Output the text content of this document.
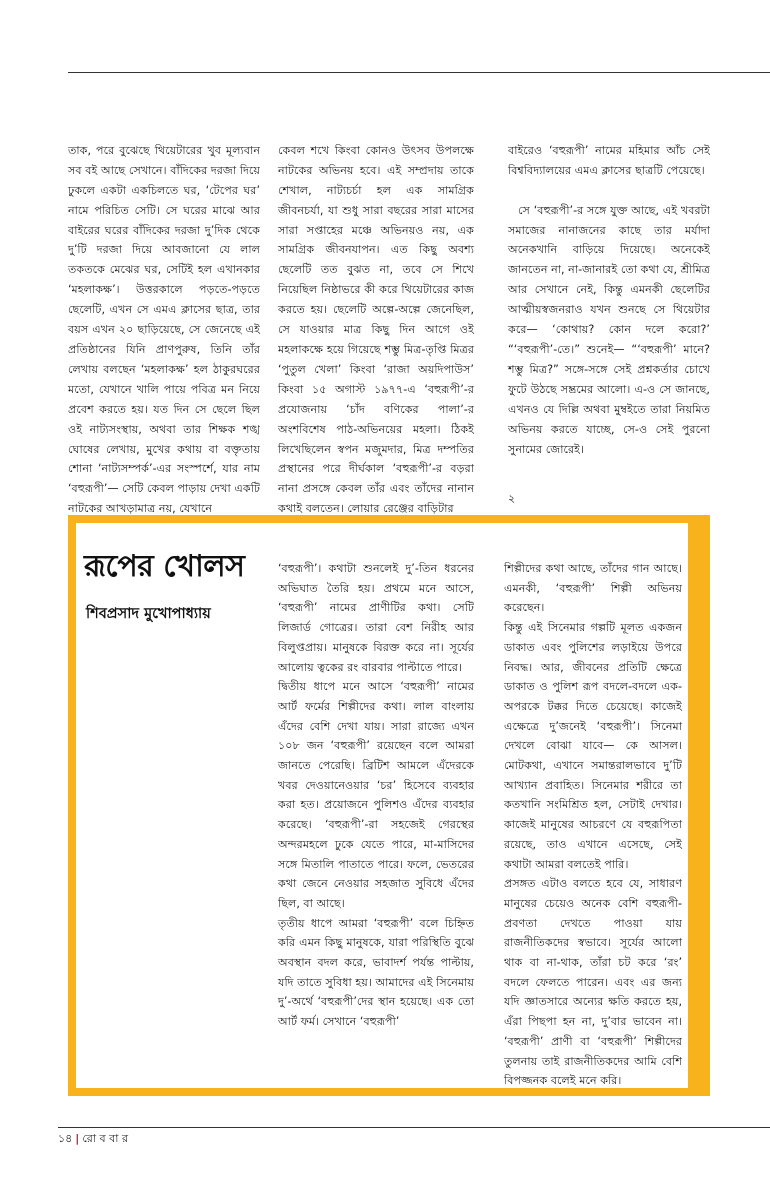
তাক, পরে বুঝেছে থিয়েটারের খুব মূল্যবান সব বই আছে সেখানে। বাঁদিকের দরজা দিয়ে ঢুকলে একটা একচিলতে ঘর, ‘টেপের ঘর’ নামে পরিচিত সেটি। সে ঘরের মাঝে আর বাইরের ঘরের বাঁদিকের দরজা দু’দিক থেকে দু’টি দরজা দিয়ে আবজানো যে লাল তকতকে মেঝের ঘর, সেটিই হল এখানকার ‘মহলাকক্ষ’। উত্তরকালে পড়তে-পড়তে ছেলেটি, এখন সে এমএ ক্লাসের ছাত্র, তার বয়স এখন ২০ ছাড়িয়েছে, সে জেনেছে এই প্রতিষ্ঠানের যিনি প্রাণপুরুষ, তিনি তাঁর লেখায় বলছেন ‘মহলাকক্ষ’ হল ঠাকুরঘরের মতো, যেখানে খালি পায়ে পবিত্র মন নিয়ে প্রবেশ করতে হয়। যত দিন সে ছেলে ছিল ওই নাট্যসংস্থায়, অথবা তার শিক্ষক শঙ্খ ঘোষের লেখায়, মুখের কথায় বা বক্তৃতায় শোনা ‘নাট্যসম্পর্ক’-এর সংস্পর্শে, যার নাম ‘বহুরূপী’— সেটি কেবল পাড়ায় দেখা একটি নাটকের আখড়ামাত্র নয়, যেখানে

কেবল শখে কিংবা কোনও উৎসব উপলক্ষে নাটকের অভিনয় হবে। এই সম্প্রদায় তাকে শেখাল, নাট্যচর্চা হল এক সামগ্রিক জীবনচর্যা, যা শুধু সারা বছরের সারা মাসের সারা সপ্তাহের মঞ্চে অভিনয়ও নয়, এক সামগ্রিক জীবনযাপন। এত কিছু অবশ্য ছেলেটি তত বুঝত না, তবে সে শিখে নিয়েছিল নিষ্ঠাভরে কী করে থিয়েটারের কাজ করতে হয়। ছেলেটি অল্পে-অল্পে জেনেছিল, সে যাওয়ার মাত্র কিছু দিন আগে ওই মহলাকক্ষে হয়ে গিয়েছে শম্ভু মিত্র-তৃপ্তি মিত্রর ‘পুতুল খেলা’ কিংবা ‘রাজা অয়দিপাউস’ কিংবা ১৫ অগাস্ট ১৯৭৭-এ ‘বহুরূপী’-র প্রযোজনায় ‘চাঁদ বণিকের পালা’-র অংশবিশেষ পাঠ-অভিনয়ের মহলা। ঠিকই লিখেছিলেন স্বপন মজুমদার, মিত্র দম্পতির প্রস্থানের পরে দীর্ঘকাল ‘বহুরূপী’-র বড়রা নানা প্রসঙ্গে কেবল তাঁর এবং তাঁদের নানান কথাই বলতেন। লোয়ার রেঞ্জের বাড়িটার

বাইরেও ‘বহুরূপী’ নামের মহিমার আঁচ সেই বিশ্ববিদ্যালয়ের এমএ ক্লাসের ছাত্রটি পেয়েছে।

সে ‘বহুরূপী’-র সঙ্গে যুক্ত আছে, এই খবরটা সমাজের নানাজনের কাছে তার মর্যাদা অনেকখানি বাড়িয়ে দিয়েছে। অনেকেই জানতেন না, না-জানারই তো কথা যে, শ্রীমিত্র আর সেখানে নেই, কিন্তু এমনকী ছেলেটির আত্মীয়স্বজনরাও যখন শুনছে সে থিয়েটার করে— ‘কোথায়? কোন দলে করো?’ “‘বহুরূপী’-তে।” শুনেই— “‘বহুরূপী’ মানে? শম্ভু মিত্র?” সঙ্গে-সঙ্গে সেই প্রশ্নকর্তার চোখে ফুটে উঠছে সম্ভ্রমের আলো। এ-ও সে জানছে, এখনও যে দিল্লি অথবা মুম্বইতে তারা নিয়মিত অভিনয় করতে যাচ্ছে, সে-ও সেই পুরনো সুনামের জোরেই।

২

রূপের খোলস
শিবপ্রসাদ মুখোপাধ্যায়
‘বহুরূপী’। কথাটা শুনলেই দু’-তিন ধরনের অভিঘাত তৈরি হয়। প্রথমে মনে আসে, ‘বহুরূপী’ নামের প্রাণীটির কথা। সেটি লিজার্ড গোত্রের। তারা বেশ নিরীহ আর বিলুপ্তপ্রায়। মানুষকে বিরক্ত করে না। সূর্যের আলোয় ত্বকের রং বারবার পাল্টাতে পারে।
দ্বিতীয় ধাপে মনে আসে ‘বহুরূপী’ নামের আর্ট ফর্মের শিল্পীদের কথা। লাল বাংলায় এঁদের বেশি দেখা যায়। সারা রাজ্যে এখন ১০৮ জন ‘বহুরূপী’ রয়েছেন বলে আমরা জানতে পেরেছি। ব্রিটিশ আমলে এঁদেরকে খবর দেওয়ানেওয়ার ‘চর’ হিসেবে ব্যবহার করা হত। প্রয়োজনে পুলিশও এঁদের ব্যবহার করেছে। ‘বহুরূপী’-রা সহজেই গেরস্থের অন্দরমহলে ঢুকে যেতে পারে, মা-মাসিদের সঙ্গে মিতালি পাতাতে পারে। ফলে, ভেতরের কথা জেনে নেওয়ার সহজাত সুবিধে এঁদের ছিল, বা আছে।
তৃতীয় ধাপে আমরা ‘বহুরূপী’ বলে চিহ্নিত করি এমন কিছু মানুষকে, যারা পরিস্থিতি বুঝে অবস্থান বদল করে, ভাবাদর্শ পর্যন্ত পাল্টায়, যদি তাতে সুবিধা হয়। আমাদের এই সিনেমায় দু’-অর্থে ‘বহুরূপী’দের স্থান হয়েছে। এক তো আর্ট ফর্ম। সেখানে ‘বহুরূপী’
শিল্পীদের কথা আছে, তাঁদের গান আছে। এমনকী, ‘বহুরূপী’ শিল্পী অভিনয় করেছেন।
কিন্তু এই সিনেমার গল্পটি মূলত একজন ডাকাত এবং পুলিশের লড়াইয়ে উপরে নিবদ্ধ। আর, জীবনের প্রতিটি ক্ষেত্রে ডাকাত ও পুলিশ রূপ বদলে-বদলে এক-অপরকে টক্কর দিতে চেয়েছে। কাজেই এক্ষেত্রে দু’জনেই ‘বহুরূপী’। সিনেমা দেখলে বোঝা যাবে— কে আসল। মোটকথা, এখানে সমান্তরালভাবে দু’টি আখ্যান প্রবাহিত। সিনেমার শরীরে তা কতখানি সংমিশ্রিত হল, সেটাই দেখার। কাজেই মানুষের আচরণে যে বহুরূপিতা রয়েছে, তাও এখানে এসেছে, সেই কথাটা আমরা বলতেই পারি।
প্রসঙ্গত এটাও বলতে হবে যে, সাধারণ মানুষের চেয়েও অনেক বেশি বহুরূপী-প্রবণতা দেখতে পাওয়া যায় রাজনীতিকদের স্বভাবে। সূর্যের আলো থাক বা না-থাক, তাঁরা চট করে ‘রং’ বদলে ফেলতে পারেন। এবং এর জন্য যদি জ্ঞাতসারে অন্যের ক্ষতি করতে হয়, এঁরা পিছপা হন না, দু’বার ভাবেন না। ‘বহুরূপী’ প্রাণী বা ‘বহুরূপী’ শিল্পীদের তুলনায় তাই রাজনীতিকদের আমি বেশি বিপজ্জনক বলেই মনে করি।
১৪ | রো ব বা র
